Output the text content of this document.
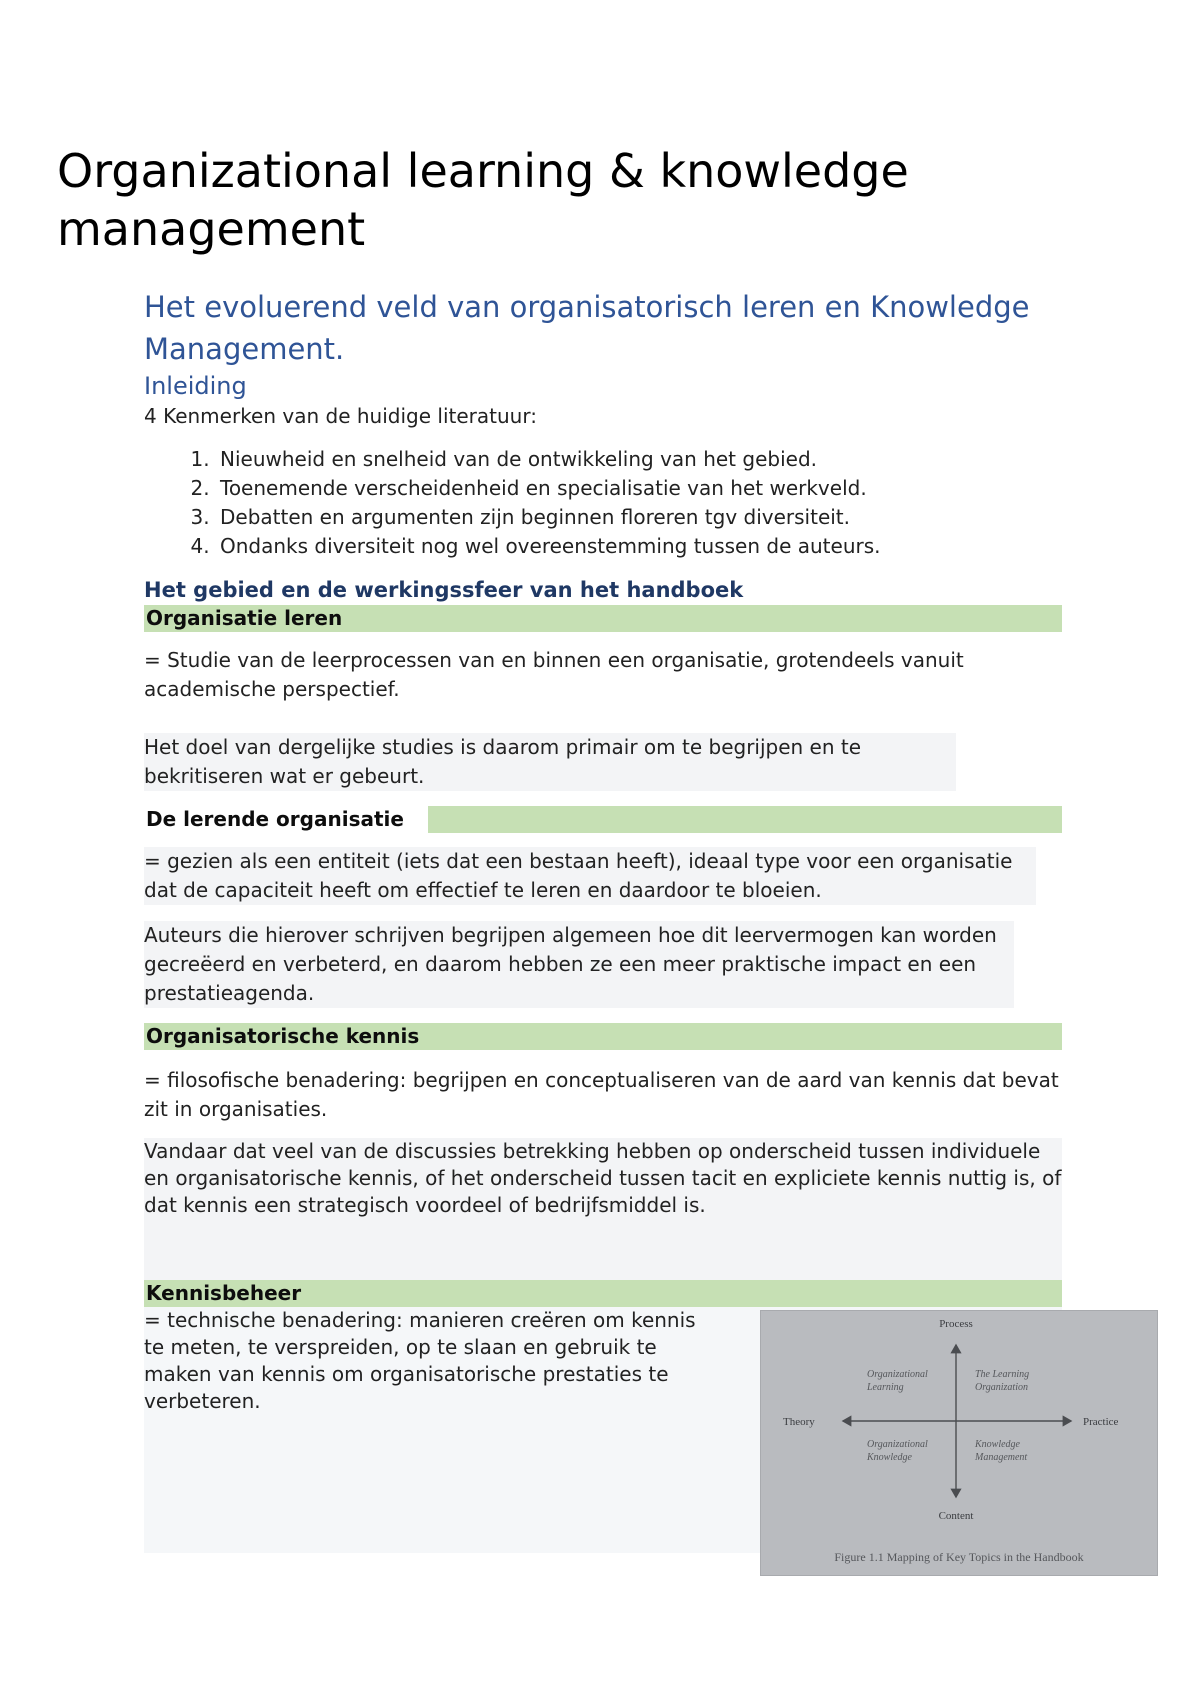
Organizational learning & knowledge management
Het evoluerend veld van organisatorisch leren en Knowledge Management.
Inleiding

4 Kenmerken van de huidige literatuur:

1. Nieuwheid en snelheid van de ontwikkeling van het gebied.
2. Toenemende verscheidenheid en specialisatie van het werkveld.
3. Debatten en argumenten zijn beginnen floreren tgv diversiteit.
4. Ondanks diversiteit nog wel overeenstemming tussen de auteurs.
Het gebied en de werkingssfeer van het handboek
Organisatie leren

= Studie van de leerprocessen van en binnen een organisatie, grotendeels vanuit academische perspectief.

Het doel van dergelijke studies is daarom primair om te begrijpen en te bekritiseren wat er gebeurt.

De lerende organisatie

= gezien als een entiteit (iets dat een bestaan heeft), ideaal type voor een organisatie dat de capaciteit heeft om effectief te leren en daardoor te bloeien.

Auteurs die hierover schrijven begrijpen algemeen hoe dit leervermogen kan worden gecreëerd en verbeterd, en daarom hebben ze een meer praktische impact en een prestatieagenda.

Organisatorische kennis

= filosofische benadering: begrijpen en conceptualiseren van de aard van kennis dat bevat zit in organisaties.

Vandaar dat veel van de discussies betrekking hebben op onderscheid tussen individuele en organisatorische kennis, of het onderscheid tussen tacit en expliciete kennis nuttig is, of dat kennis een strategisch voordeel of bedrijfsmiddel is.

Kennisbeheer

= technische benadering: manieren creëren om kennis te meten, te verspreiden, op te slaan en gebruik te maken van kennis om organisatorische prestaties te verbeteren.

Process
Content
Theory	Practice
Organizational
Learning
The Learning
Organization
Organizational
Knowledge
Knowledge
Management
Figure 1.1 Mapping of Key Topics in the Handbook
